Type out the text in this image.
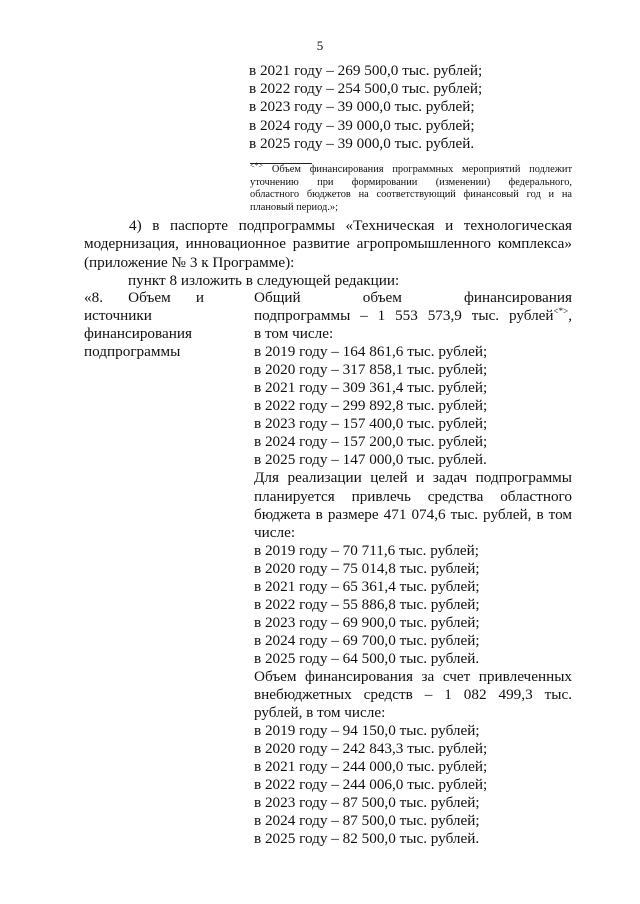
5
в 2021 году – 269 500,0 тыс. рублей;
в 2022 году – 254 500,0 тыс. рублей;
в 2023 году – 39 000,0 тыс. рублей;
в 2024 году – 39 000,0 тыс. рублей;
в 2025 году – 39 000,0 тыс. рублей.
<*> Объем финансирования программных мероприятий подлежит
уточнению при формировании (изменении) федерального,
областного бюджетов на соответствующий финансовый год и на
плановый период.»;
4) в паспорте подпрограммы «Техническая и технологическая
модернизация, инновационное развитие агропромышленного комплекса»
(приложение № 3 к Программе):
пункт 8 изложить в следующей редакции:
«8. Объем и
источники
финансирования
подпрограммы
Общий объем финансирования
подпрограммы – 1 553 573,9 тыс. рублей<*>,
в том числе:
в 2019 году – 164 861,6 тыс. рублей;
в 2020 году – 317 858,1 тыс. рублей;
в 2021 году – 309 361,4 тыс. рублей;
в 2022 году – 299 892,8 тыс. рублей;
в 2023 году – 157 400,0 тыс. рублей;
в 2024 году – 157 200,0 тыс. рублей;
в 2025 году – 147 000,0 тыс. рублей.
Для реализации целей и задач подпрограммы
планируется привлечь средства областного
бюджета в размере 471 074,6 тыс. рублей, в том
числе:
в 2019 году – 70 711,6 тыс. рублей;
в 2020 году – 75 014,8 тыс. рублей;
в 2021 году – 65 361,4 тыс. рублей;
в 2022 году – 55 886,8 тыс. рублей;
в 2023 году – 69 900,0 тыс. рублей;
в 2024 году – 69 700,0 тыс. рублей;
в 2025 году – 64 500,0 тыс. рублей.
Объем финансирования за счет привлеченных
внебюджетных средств – 1 082 499,3 тыс.
рублей, в том числе:
в 2019 году – 94 150,0 тыс. рублей;
в 2020 году – 242 843,3 тыс. рублей;
в 2021 году – 244 000,0 тыс. рублей;
в 2022 году – 244 006,0 тыс. рублей;
в 2023 году – 87 500,0 тыс. рублей;
в 2024 году – 87 500,0 тыс. рублей;
в 2025 году – 82 500,0 тыс. рублей.
